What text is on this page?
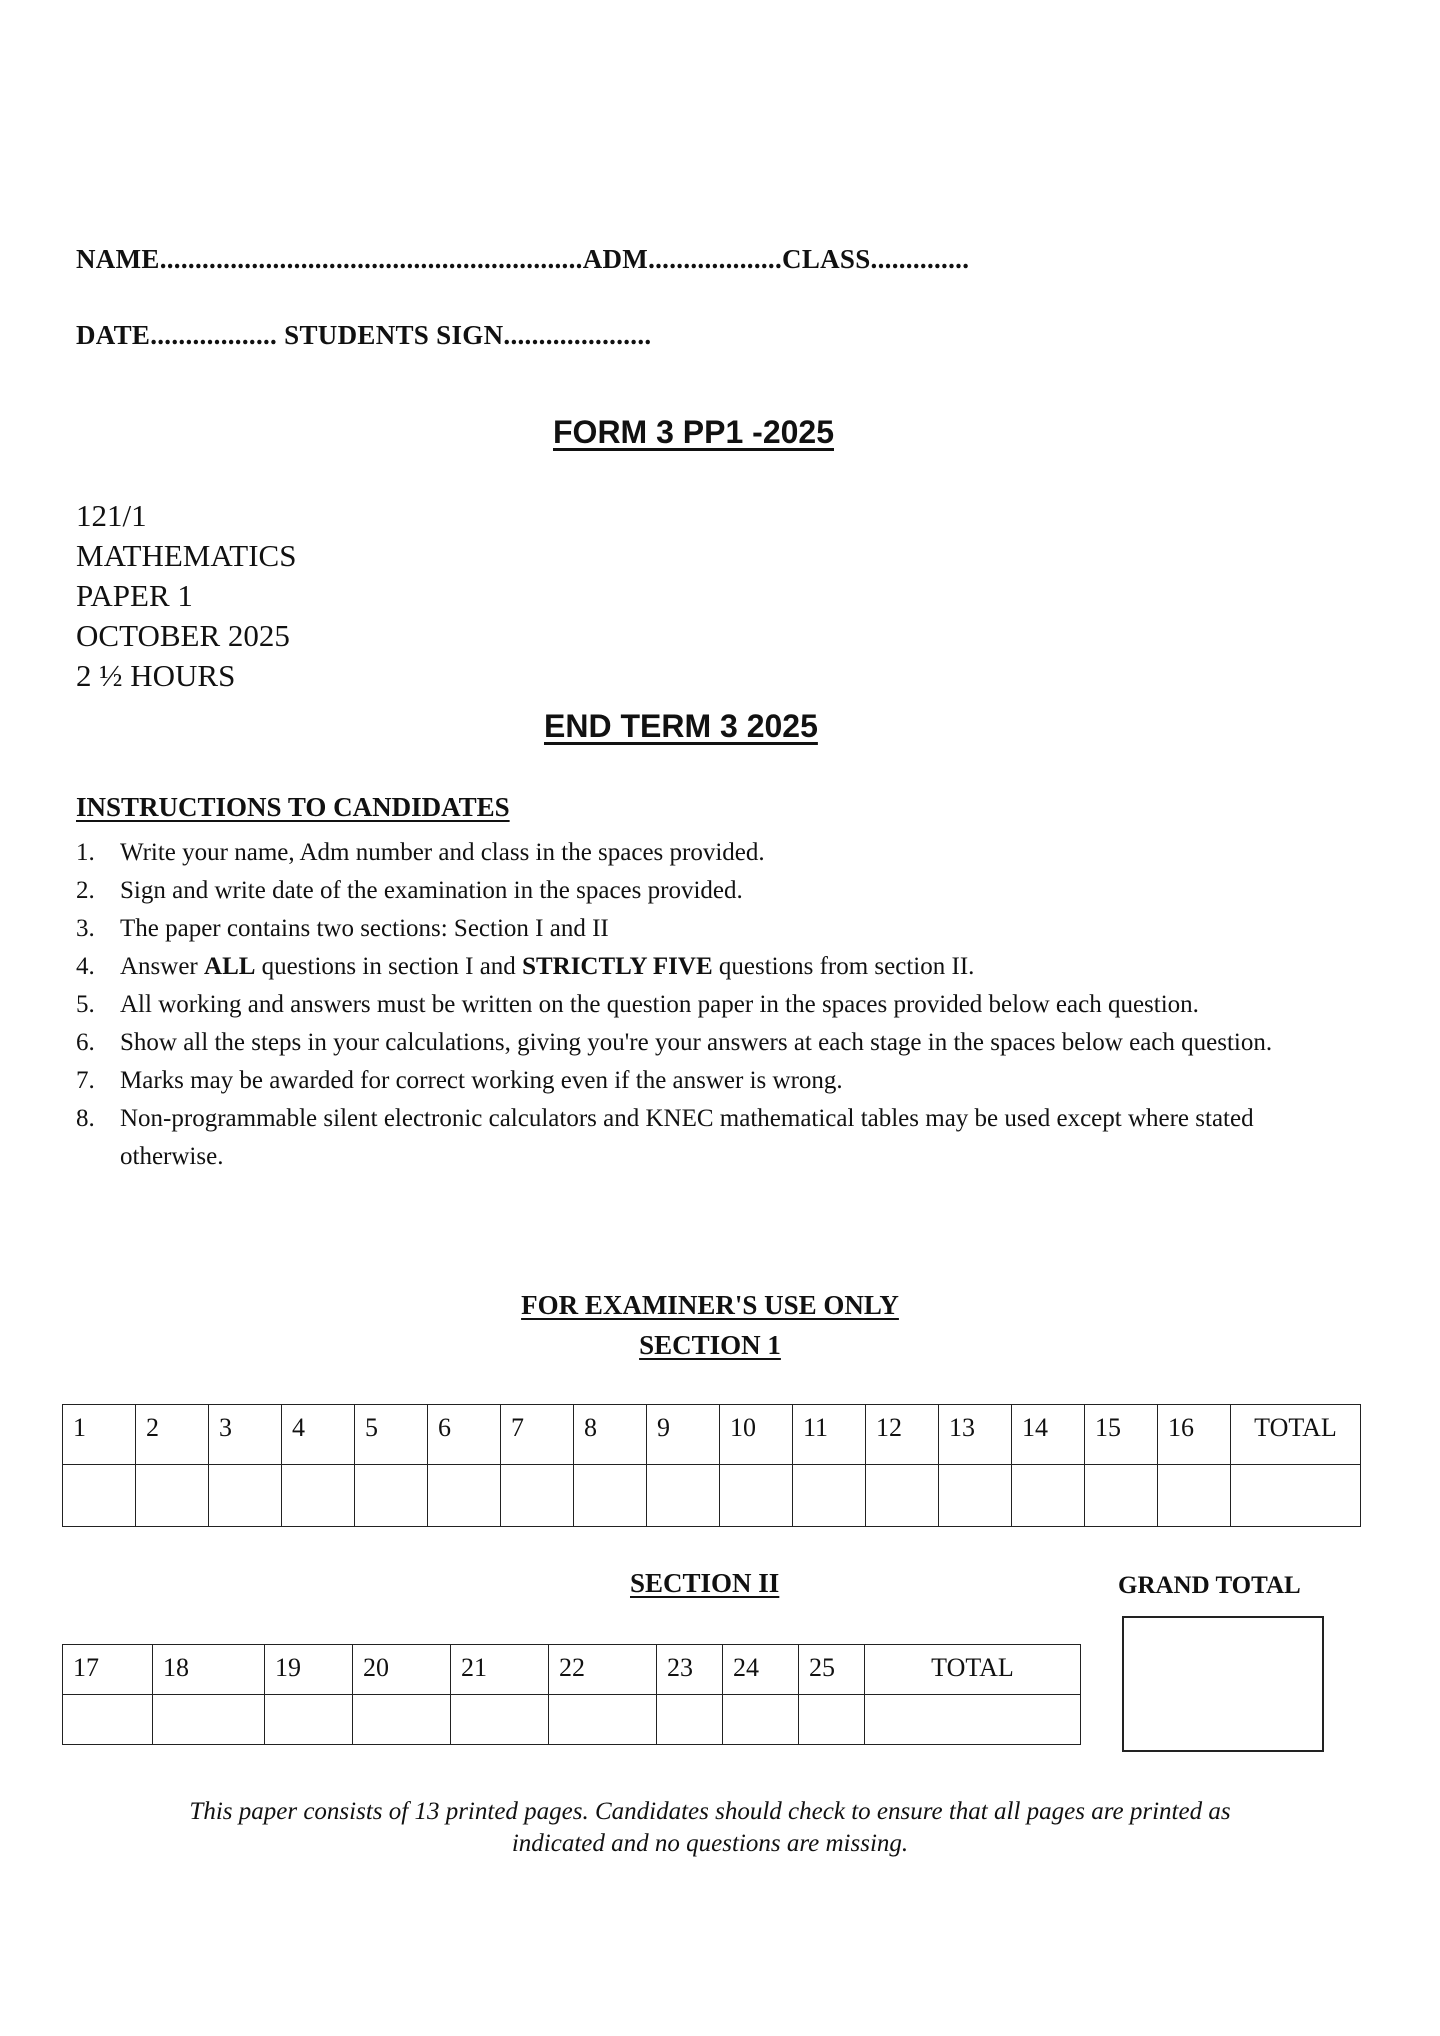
NAME............................................................ADM...................CLASS..............
DATE.................. STUDENTS SIGN.....................
FORM 3 PP1 -2025
121/1
MATHEMATICS
PAPER 1
OCTOBER 2025
2 ½ HOURS
END TERM 3 2025
INSTRUCTIONS TO CANDIDATES
1.	Write your name, Adm number and class in the spaces provided.
2.	Sign and write date of the examination in the spaces provided.
3.	The paper contains two sections: Section I and II
4.	Answer ALL questions in section I and STRICTLY FIVE questions from section II.
5.	All working and answers must be written on the question paper in the spaces provided below each question.
6.	Show all the steps in your calculations, giving you're your answers at each stage in the spaces below each question.
7.	Marks may be awarded for correct working even if the answer is wrong.
8.	Non-programmable silent electronic calculators and KNEC mathematical tables may be used except where stated otherwise.
FOR EXAMINER'S USE ONLY
SECTION 1
1	2	3	4	5	6	7	8	9	10	11	12	13	14	15	16	TOTAL

SECTION II	GRAND TOTAL
17	18	19	20	21	22	23	24	25	TOTAL

This paper consists of 13 printed pages. Candidates should check to ensure that all pages are printed as
indicated and no questions are missing.
